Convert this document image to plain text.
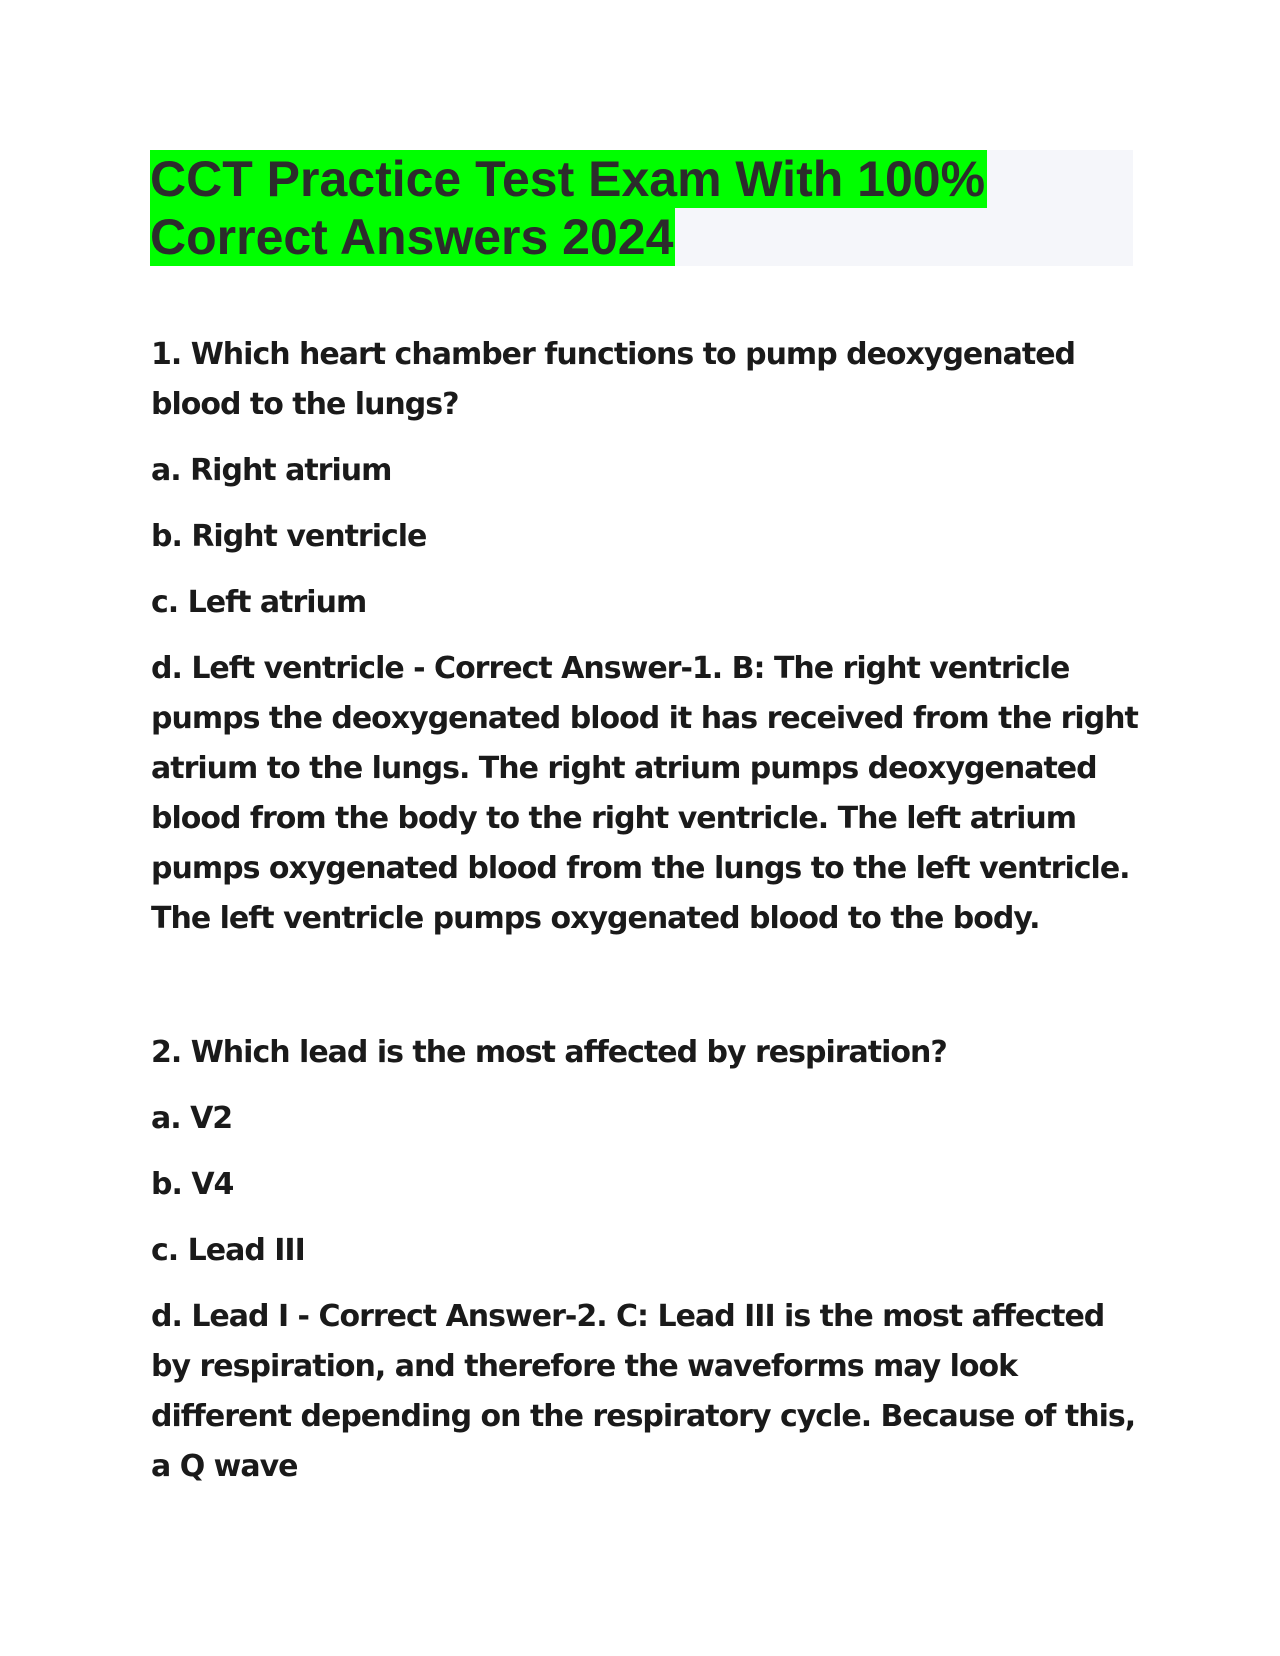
CCT Practice Test Exam With 100%
Correct Answers 2024

1. Which heart chamber functions to pump deoxygenated blood to the lungs?

a. Right atrium

b. Right ventricle

c. Left atrium

d. Left ventricle - Correct Answer-1. B: The right ventricle pumps the deoxygenated blood it has received from the right atrium to the lungs. The right atrium pumps deoxygenated blood from the body to the right ventricle. The left atrium pumps oxygenated blood from the lungs to the left ventricle. The left ventricle pumps oxygenated blood to the body.

2. Which lead is the most affected by respiration?

a. V2

b. V4

c. Lead III

d. Lead I - Correct Answer-2. C: Lead III is the most affected by respiration, and therefore the waveforms may look different depending on the respiratory cycle. Because of this, a Q wave
